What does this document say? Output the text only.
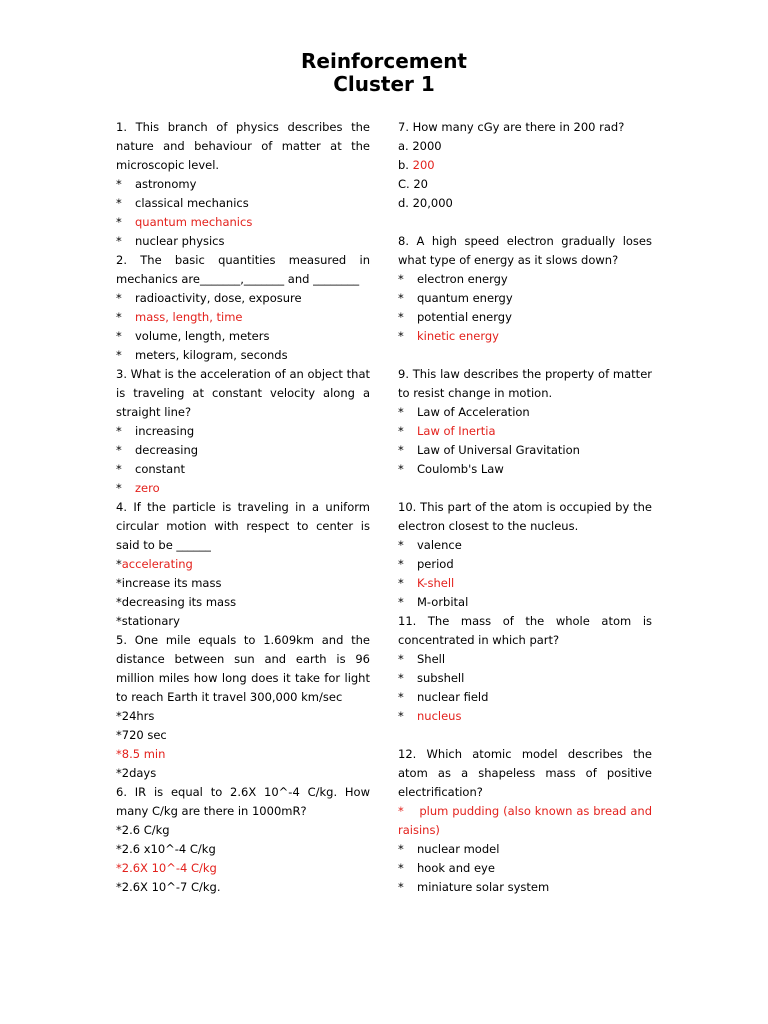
Reinforcement
Cluster 1

1. This branch of physics describes the nature and behaviour of matter at the microscopic level.

*	astronomy
*	classical mechanics
*	quantum mechanics
*	nuclear physics

2. The basic quantities measured in mechanics are_______,_______ and ________

*	radioactivity, dose, exposure
*	mass, length, time
*	volume, length, meters
*	meters, kilogram, seconds

3. What is the acceleration of an object that is traveling at constant velocity along a straight line?

*	increasing
*	decreasing
*	constant
*	zero

4. If the particle is traveling in a uniform circular motion with respect to center is said to be ______

*accelerating
*increase its mass
*decreasing its mass
*stationary

5. One mile equals to 1.609km and the distance between sun and earth is 96 million miles how long does it take for light to reach Earth it travel 300,000 km/sec

*24hrs
*720 sec
*8.5 min
*2days

6. IR is equal to 2.6X 10^-4 C/kg. How many C/kg are there in 1000mR?

*2.6 C/kg
*2.6 x10^-4 C/kg
*2.6X 10^-4 C/kg
*2.6X 10^-7 C/kg.

7. How many cGy are there in 200 rad?

a. 2000
b. 200
C. 20
d. 20,000

8. A high speed electron gradually loses what type of energy as it slows down?

*	electron energy
*	quantum energy
*	potential energy
*	kinetic energy

9. This law describes the property of matter to resist change in motion.

*	Law of Acceleration
*	Law of Inertia
*	Law of Universal Gravitation
*	Coulomb's Law

10. This part of the atom is occupied by the electron closest to the nucleus.

*	valence
*	period
*	K-shell
*	M-orbital

11. The mass of the whole atom is concentrated in which part?

*	Shell
*	subshell
*	nuclear field
*	nucleus

12. Which atomic model describes the atom as a shapeless mass of positive electrification?

* plum pudding (also known as bread and raisins)

*	nuclear model
*	hook and eye
*	miniature solar system
